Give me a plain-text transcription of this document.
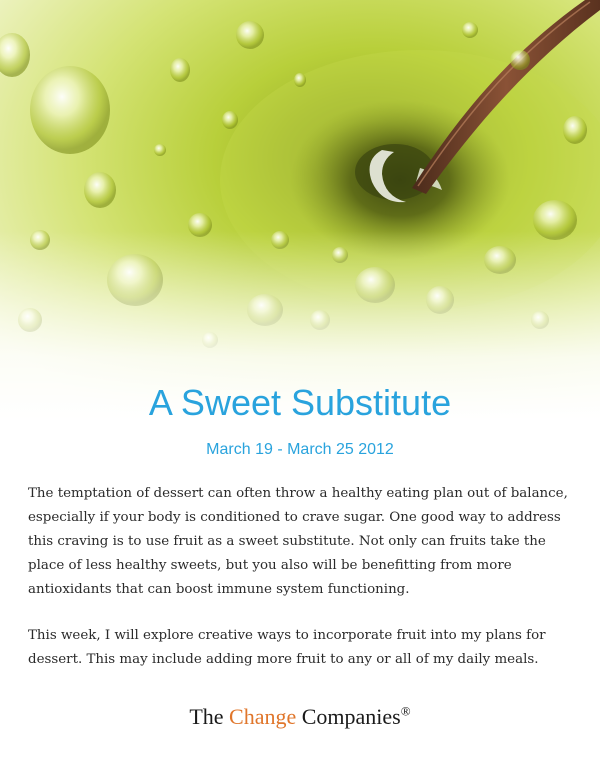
A Sweet Substitute
March 19 - March 25 2012

The temptation of dessert can often throw a healthy eating plan out of balance, especially if your body is conditioned to crave sugar. One good way to address this craving is to use fruit as a sweet substitute. Not only can fruits take the place of less healthy sweets, but you also will be benefitting from more antioxidants that can boost immune system functioning.

This week, I will explore creative ways to incorporate fruit into my plans for dessert. This may include adding more fruit to any or all of my daily meals.

The Change Companies®
